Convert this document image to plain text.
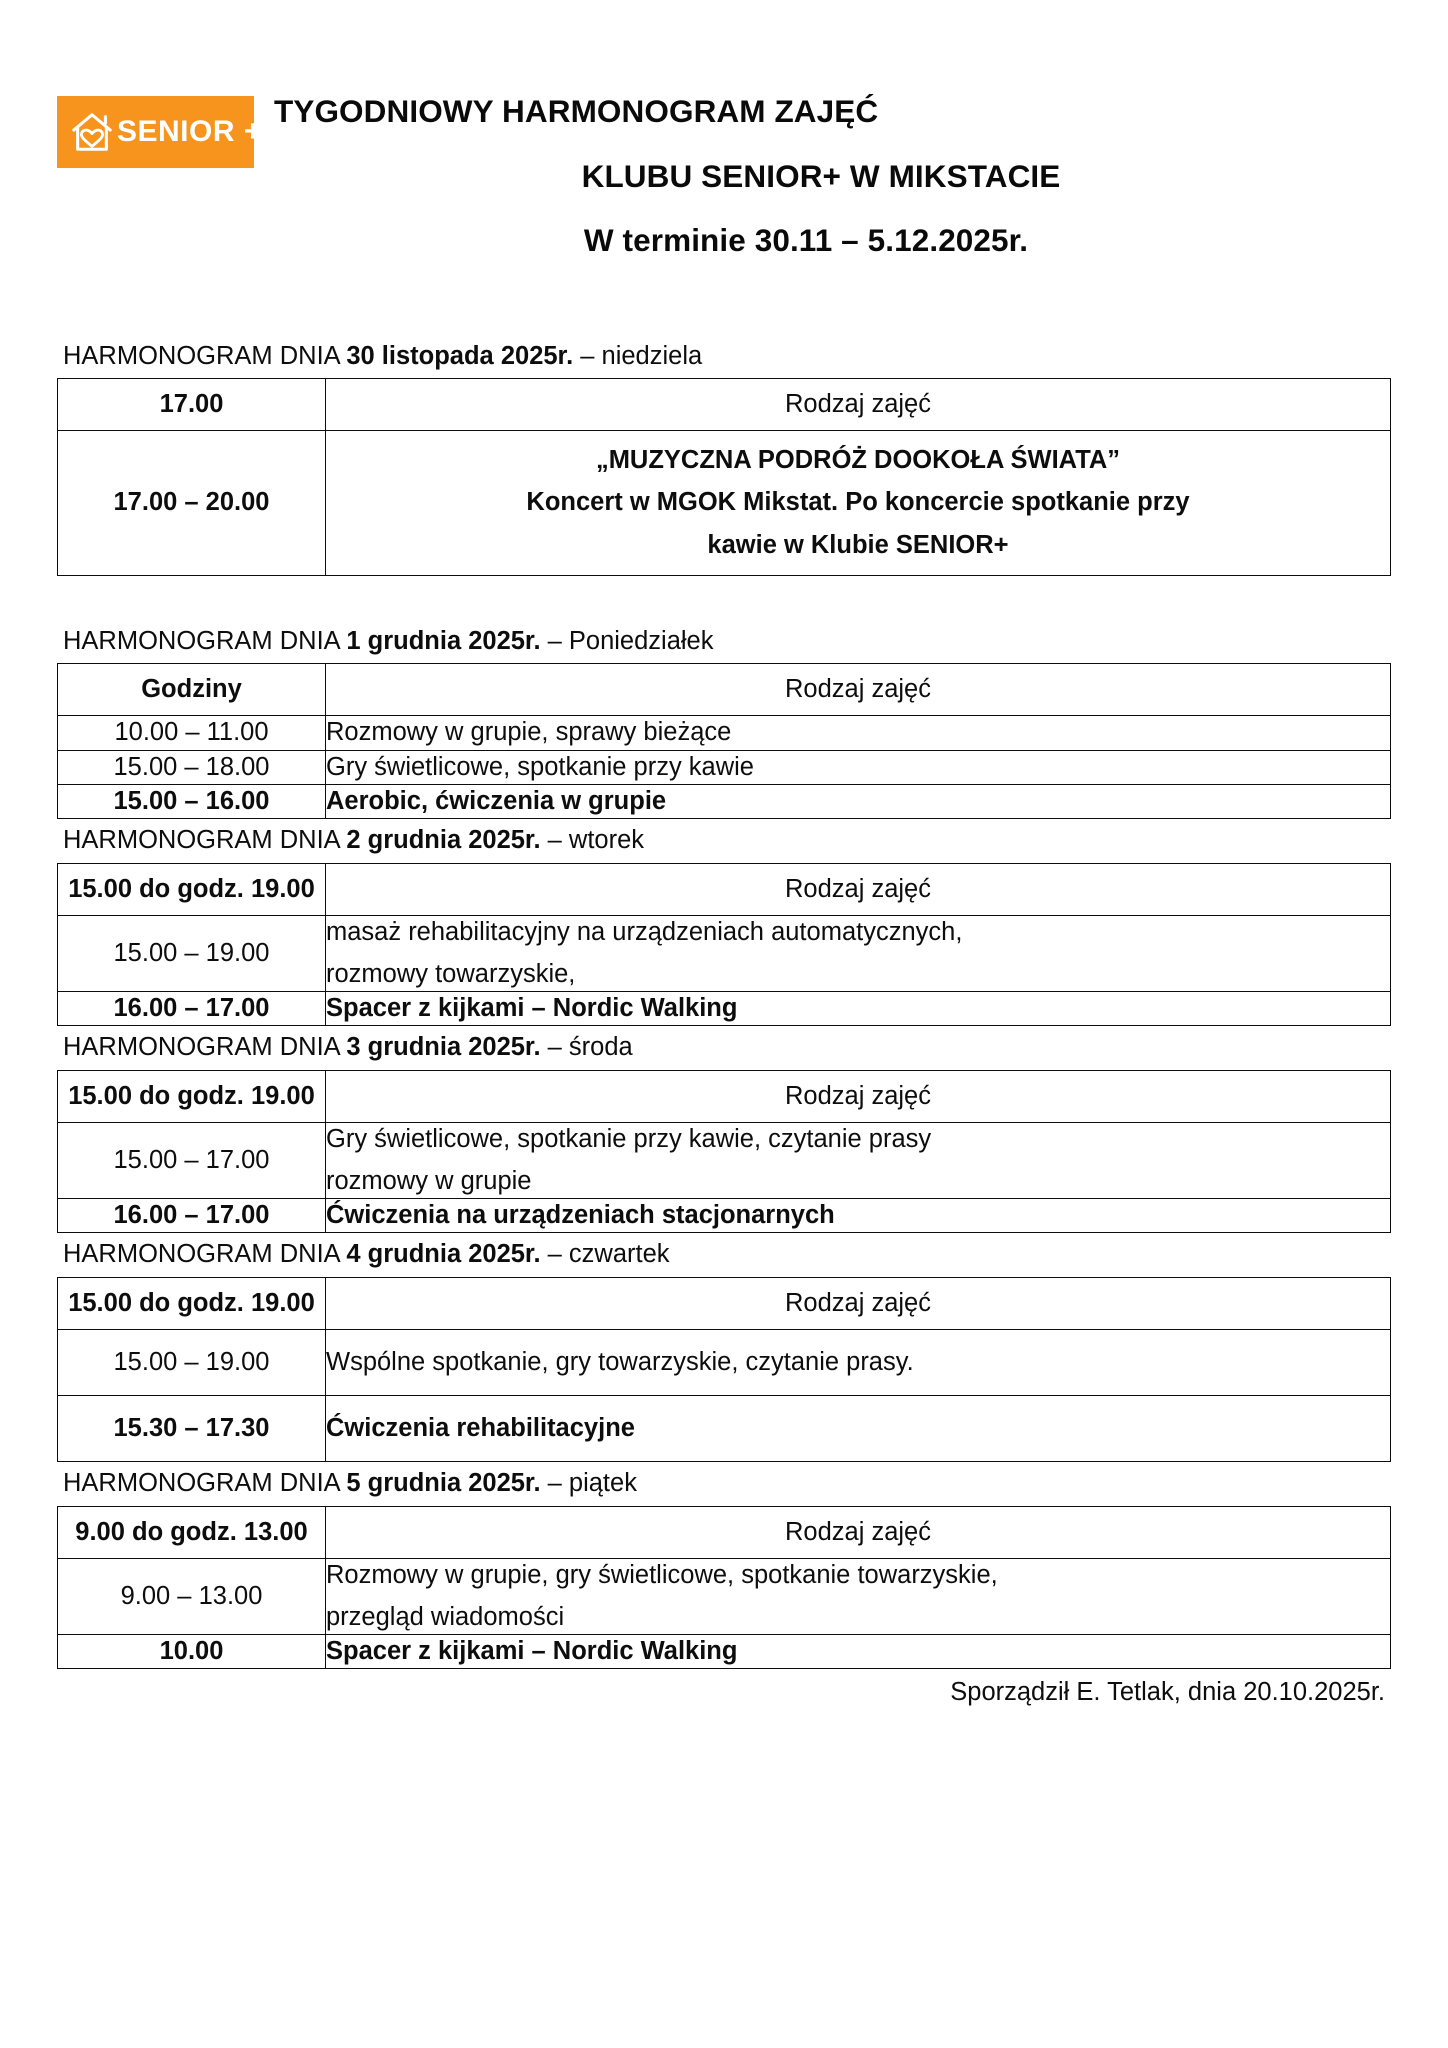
SENIOR +
TYGODNIOWY HARMONOGRAM ZAJĘĆ
KLUBU SENIOR+ W MIKSTACIE
W terminie 30.11 – 5.12.2025r.
HARMONOGRAM DNIA 30 listopada 2025r. – niedziela
17.00	Rodzaj zajęć
17.00 – 20.00	„MUZYCZNA PODRÓŻ DOOKOŁA ŚWIATA”
Koncert w MGOK Mikstat. Po koncercie spotkanie przy
kawie w Klubie SENIOR+
HARMONOGRAM DNIA 1 grudnia 2025r. – Poniedziałek
Godziny	Rodzaj zajęć
10.00 – 11.00	Rozmowy w grupie, sprawy bieżące
15.00 – 18.00	Gry świetlicowe, spotkanie przy kawie
15.00 – 16.00	Aerobic, ćwiczenia w grupie
HARMONOGRAM DNIA 2 grudnia 2025r. – wtorek
15.00 do godz. 19.00	Rodzaj zajęć
15.00 – 19.00	masaż rehabilitacyjny na urządzeniach automatycznych,
rozmowy towarzyskie,

16.00 – 17.00	Spacer z kijkami – Nordic Walking
HARMONOGRAM DNIA 3 grudnia 2025r. – środa
15.00 do godz. 19.00	Rodzaj zajęć
15.00 – 17.00	Gry świetlicowe, spotkanie przy kawie, czytanie prasy
rozmowy w grupie

16.00 – 17.00	Ćwiczenia na urządzeniach stacjonarnych
HARMONOGRAM DNIA 4 grudnia 2025r. – czwartek
15.00 do godz. 19.00	Rodzaj zajęć
15.00 – 19.00	Wspólne spotkanie, gry towarzyskie, czytanie prasy.
15.30 – 17.30	Ćwiczenia rehabilitacyjne
HARMONOGRAM DNIA 5 grudnia 2025r. – piątek
9.00 do godz. 13.00	Rodzaj zajęć
9.00 – 13.00	Rozmowy w grupie, gry świetlicowe, spotkanie towarzyskie,
przegląd wiadomości

10.00	Spacer z kijkami – Nordic Walking
Sporządził E. Tetlak, dnia 20.10.2025r.
